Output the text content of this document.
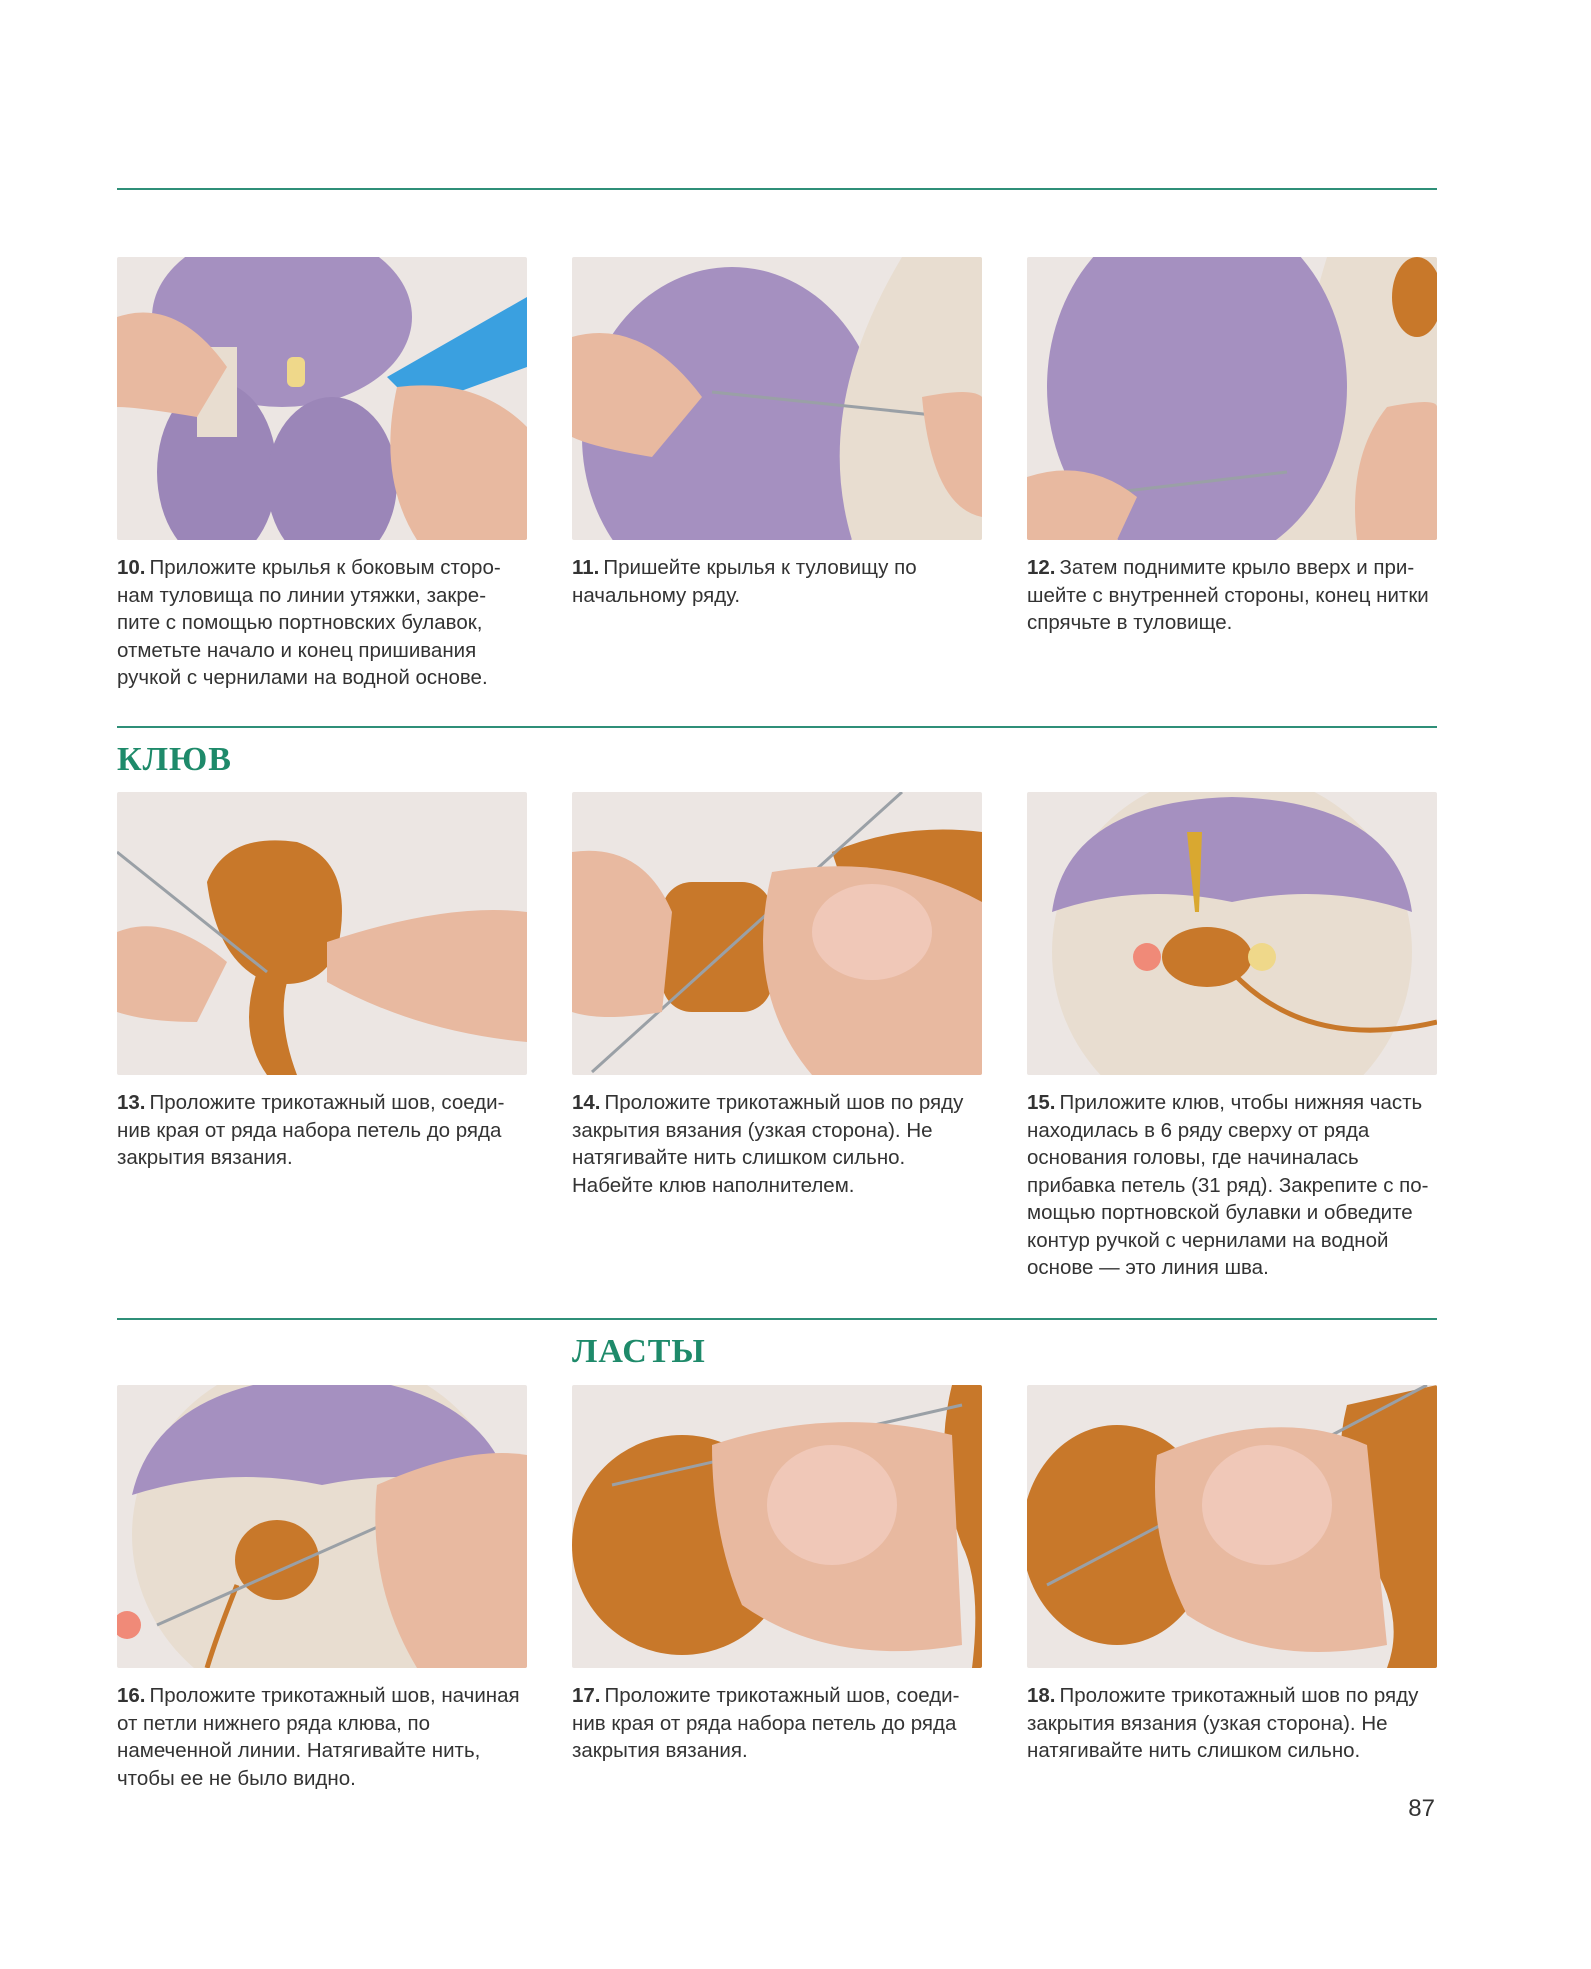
10. Приложите крылья к боковым сторо- нам туловища по линии утяжки, закре- пите с помощью портновских булавок, отметьте начало и конец пришивания ручкой с чернилами на водной основе.

11. Пришейте крылья к туловищу по начальному ряду.

12. Затем поднимите крыло вверх и при- шейте с внутренней стороны, конец нитки спрячьте в туловище.

КЛЮВ

13. Проложите трикотажный шов, соеди- нив края от ряда набора петель до ряда закрытия вязания.

14. Проложите трикотажный шов по ряду закрытия вязания (узкая сторона). Не натягивайте нить слишком сильно. Набейте клюв наполнителем.

15. Приложите клюв, чтобы нижняя часть находилась в 6 ряду сверху от ряда основания головы, где начиналась прибавка петель (31 ряд). Закрепите с по- мощью портновской булавки и обведите контур ручкой с чернилами на водной основе — это линия шва.

ЛАСТЫ

16. Проложите трикотажный шов, начиная от петли нижнего ряда клюва, по намеченной линии. Натягивайте нить, чтобы ее не было видно.

17. Проложите трикотажный шов, соеди- нив края от ряда набора петель до ряда закрытия вязания.

18. Проложите трикотажный шов по ряду закрытия вязания (узкая сторона). Не натягивайте нить слишком сильно.

87
